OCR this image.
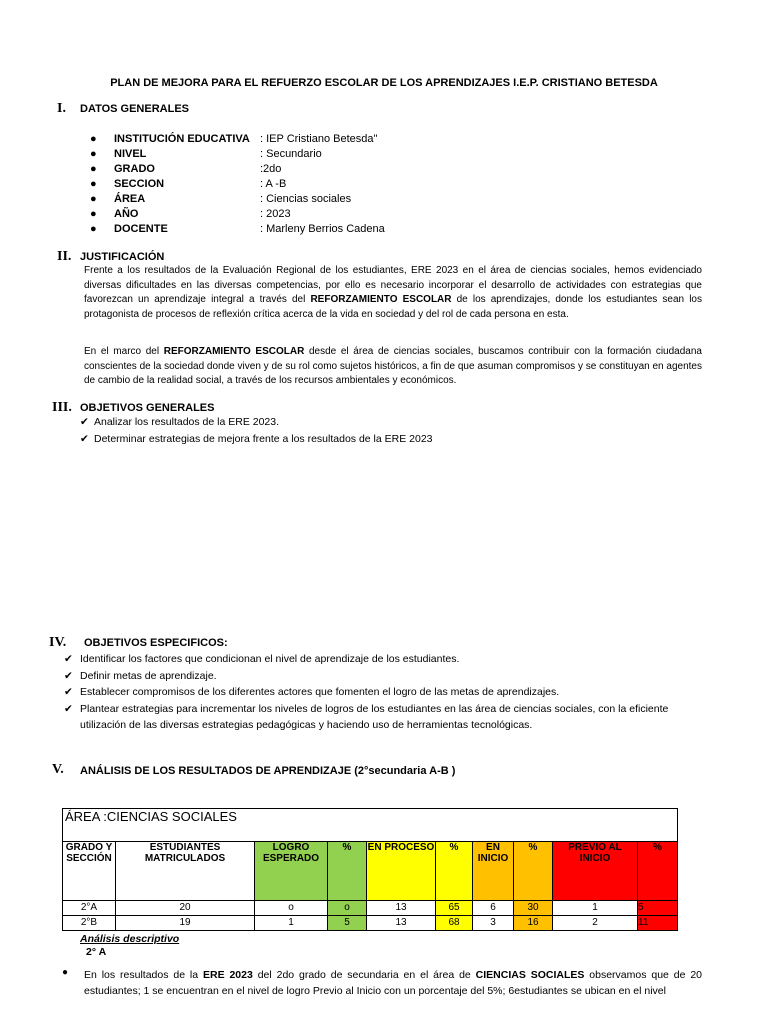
PLAN DE MEJORA PARA EL REFUERZO ESCOLAR DE LOS APRENDIZAJES I.E.P. CRISTIANO BETESDA
I. DATOS GENERALES
● INSTITUCIÓN EDUCATIVA : IEP Cristiano Betesda"
● NIVEL	: Secundario
● GRADO	:2do
● SECCION	: A -B
● ÁREA	: Ciencias sociales
● AÑO	: 2023
● DOCENTE	: Marleny Berrios Cadena
II. JUSTIFICACIÓN
Frente a los resultados de la Evaluación Regional de los estudiantes, ERE 2023 en el área de ciencias sociales, hemos evidenciado diversas dificultades en las diversas competencias, por ello es necesario incorporar el desarrollo de actividades con estrategias que favorezcan un aprendizaje integral a través del REFORZAMIENTO ESCOLAR de los aprendizajes, donde los estudiantes sean los protagonista de procesos de reflexión crítica acerca de la vida en sociedad y del rol de cada persona en esta.
En el marco del REFORZAMIENTO ESCOLAR desde el área de ciencias sociales, buscamos contribuir con la formación ciudadana conscientes de la sociedad donde viven y de su rol como sujetos históricos, a fin de que asuman compromisos y se constituyan en agentes de cambio de la realidad social, a través de los recursos ambientales y económicos.
III. OBJETIVOS GENERALES
✔ Analizar los resultados de la ERE 2023.
✔ Determinar estrategias de mejora frente a los resultados de la ERE 2023
IV. OBJETIVOS ESPECIFICOS:
✔ Identificar los factores que condicionan el nivel de aprendizaje de los estudiantes.
✔ Definir metas de aprendizaje.
✔ Establecer compromisos de los diferentes actores que fomenten el logro de las metas de aprendizajes.
✔ Plantear estrategias para incrementar los niveles de logros de los estudiantes en las área de ciencias sociales, con la eficiente utilización de las diversas estrategias pedagógicas y haciendo uso de herramientas tecnológicas.
V. ANÁLISIS DE LOS RESULTADOS DE APRENDIZAJE (2°secundaria A-B )
ÁREA :CIENCIAS SOCIALES									
GRADO Y SECCIÓN	ESTUDIANTES MATRICULADOS	LOGRO ESPERADO	%	EN PROCESO	%	EN INICIO	%	PREVIO AL INICIO	%
2°A	20	o	o	13	65	6	30	1	5
2°B	19	1	5	13	68	3	16	2	11
Análisis descriptivo
2° A
● En los resultados de la ERE 2023 del 2do grado de secundaria en el área de CIENCIAS SOCIALES observamos que de 20 estudiantes; 1 se encuentran en el nivel de logro Previo al Inicio con un porcentaje del 5%; 6estudiantes se ubican en el nivel
